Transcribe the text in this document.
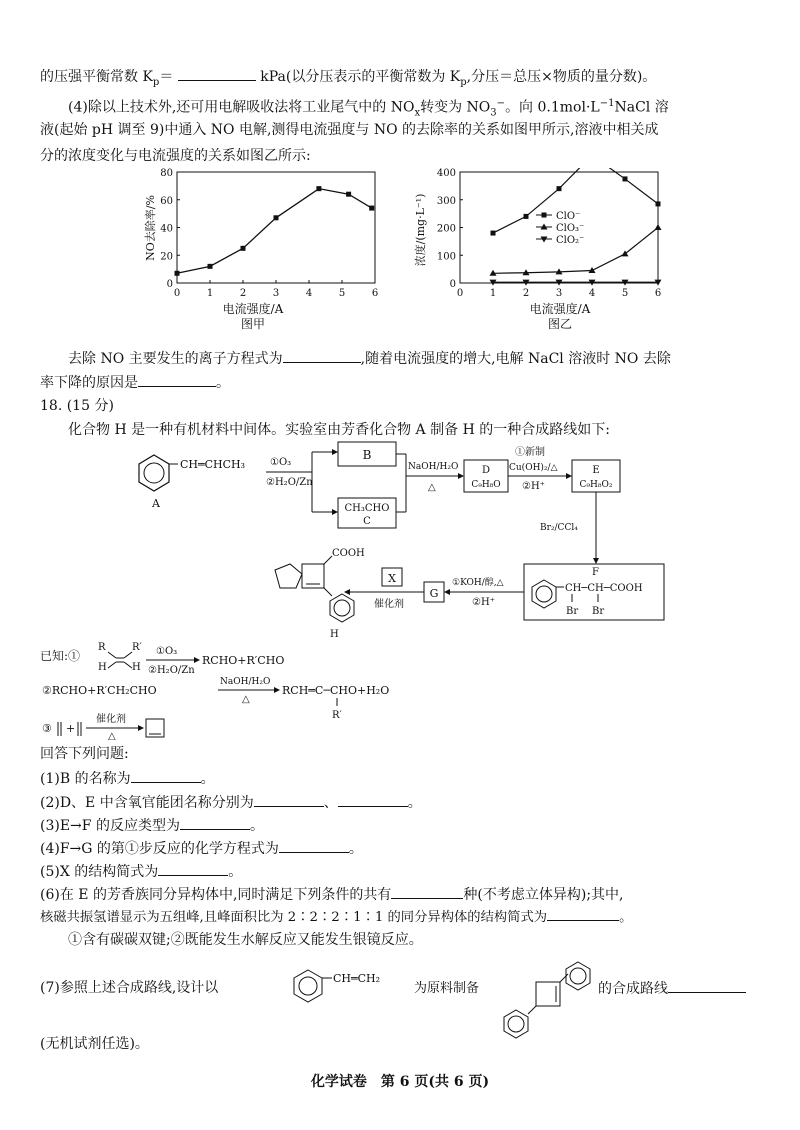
的压强平衡常数 $K_p=$	kPa(以分压表示的平衡常数为 $K_p$,分压＝总压×物质的量分数)。
(4)除以上技术外,还可用电解吸收法将工业尾气中的 $NO_x$转变为 $NO_3^-$。向 $0.1mol\cdot L^{-1}NaCl$ 溶
液(起始 pH 调至 9)中通入 NO 电解,测得电流强度与 NO 的去除率的关系如图甲所示,溶液中相关成
分的浓度变化与电流强度的关系如图乙所示:
0	1	2	3	4	5	6
0
20
40
60
80
电流强度/A
图甲
NO去除率/%
0	1	2	3	4	5	6
0
100
200
300
400
ClO⁻
ClO₃⁻
ClO₂⁻
电流强度/A
图乙
浓度/(mg·L⁻¹)
去除 NO 主要发生的离子方程式为	,随着电流强度的增大,电解 NaCl 溶液时 NO 去除
率下降的原因是	。
18. (15 分)
化合物 H 是一种有机材料中间体。实验室由芳香化合物 A 制备 H 的一种合成路线如下:
CH═CHCH₃
A
①O₃
②H₂O/Zn
B
CH₃CHO
C
NaOH/H₂O
△
D
C₉H₈O
①新制
Cu(OH)₂/△
②H⁺
E
C₉H₈O₂
Br₂/CCl₄
F
CH─CH─COOH
Br Br
①KOH/醇,△
②H⁺
G
X
催化剂
COOH
H
已知:①
R	R′
H	H
①O₃
②H₂O/Zn
RCHO+R′CHO
②RCHO+R′CH₂CHO
NaOH/H₂O
△
RCH═C─CHO+H₂O
R′
③ +
催化剂
△
回答下列问题:
(1)B 的名称为	。
(2)D、E 中含氧官能团名称分别为	、	。
(3)E→F 的反应类型为	。
(4)F→G 的第①步反应的化学方程式为	。
(5)X 的结构简式为	。
(6)在 E 的芳香族同分异构体中,同时满足下列条件的共有	种(不考虑立体异构);其中,
核磁共振氢谱显示为五组峰,且峰面积比为 2∶2∶2∶1∶1 的同分异构体的结构简式为	。
①含有碳碳双键;②既能发生水解反应又能发生银镜反应。
(7)参照上述合成路线,设计以
CH═CH₂
为原料制备	的合成路线
(无机试剂任选)。
化学试卷　第 6 页(共 6 页)
